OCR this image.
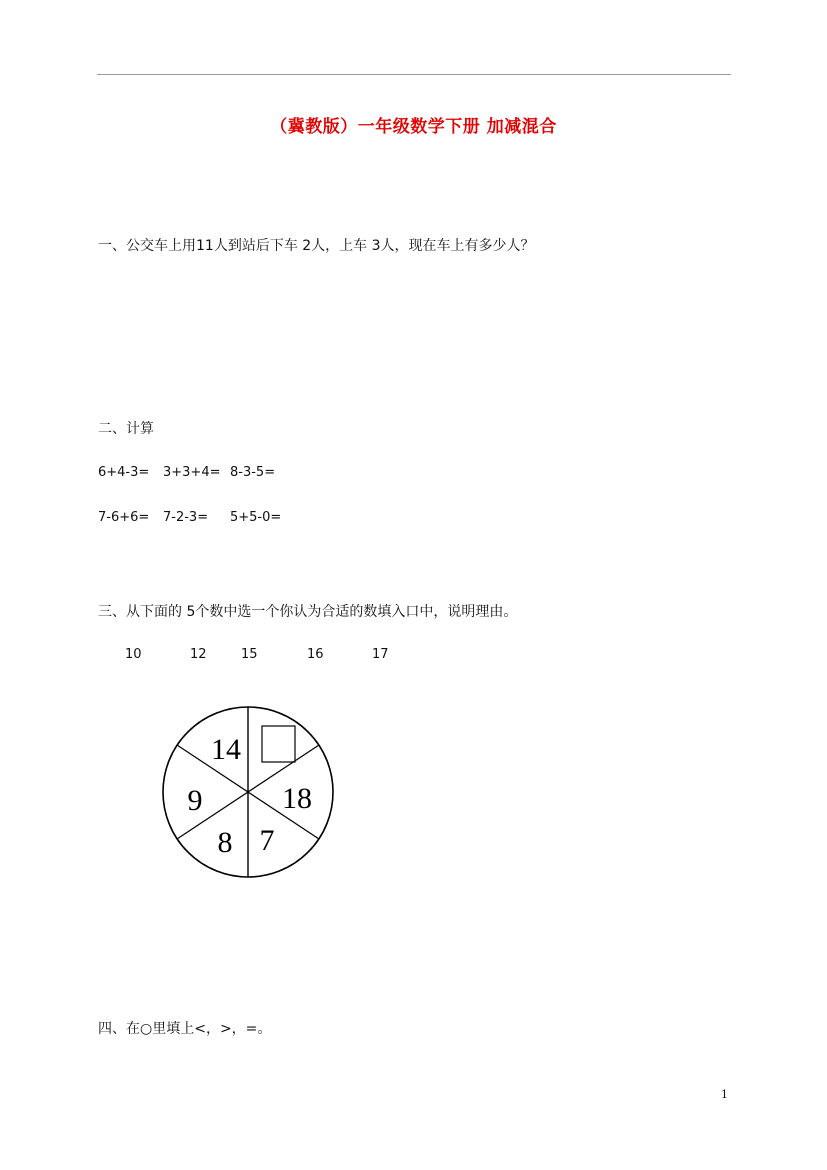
（冀教版）一年级数学下册 加减混合
一、公交车上用11人到站后下车 2人，上车 3人，现在车上有多少人？
二、计算
6+4-3= 3+3+4= 8-3-5=
7-6+6= 7-2-3= 5+5-0=
三、从下面的 5个数中选一个你认为合适的数填入口中，说明理由。
10	12	15	16	17
14
18
7
8
9
四、在○里填上<，>，=。
1
